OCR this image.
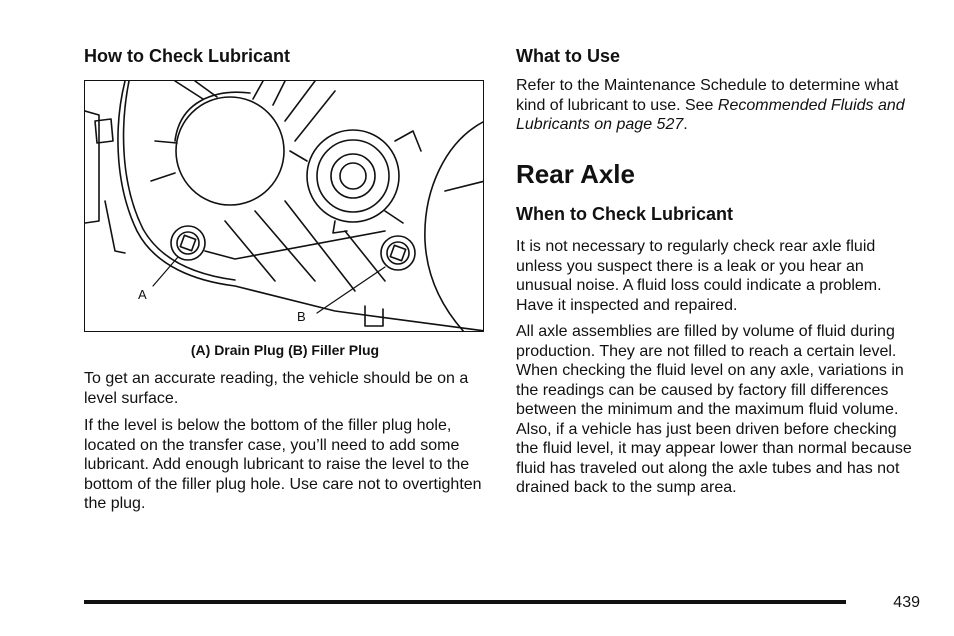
How to Check Lubricant
A
B
(A) Drain Plug (B) Filler Plug

To get an accurate reading, the vehicle should be on a level surface.

If the level is below the bottom of the filler plug hole, located on the transfer case, you’ll need to add some lubricant. Add enough lubricant to raise the level to the bottom of the filler plug hole. Use care not to overtighten the plug.

What to Use

Refer to the Maintenance Schedule to determine what kind of lubricant to use. See Recommended Fluids and Lubricants on page 527.

Rear Axle
When to Check Lubricant

It is not necessary to regularly check rear axle fluid unless you suspect there is a leak or you hear an unusual noise. A fluid loss could indicate a problem. Have it inspected and repaired.

All axle assemblies are filled by volume of fluid during production. They are not filled to reach a certain level. When checking the fluid level on any axle, variations in the readings can be caused by factory fill differences between the minimum and the maximum fluid volume. Also, if a vehicle has just been driven before checking the fluid level, it may appear lower than normal because fluid has traveled out along the axle tubes and has not drained back to the sump area.

439
